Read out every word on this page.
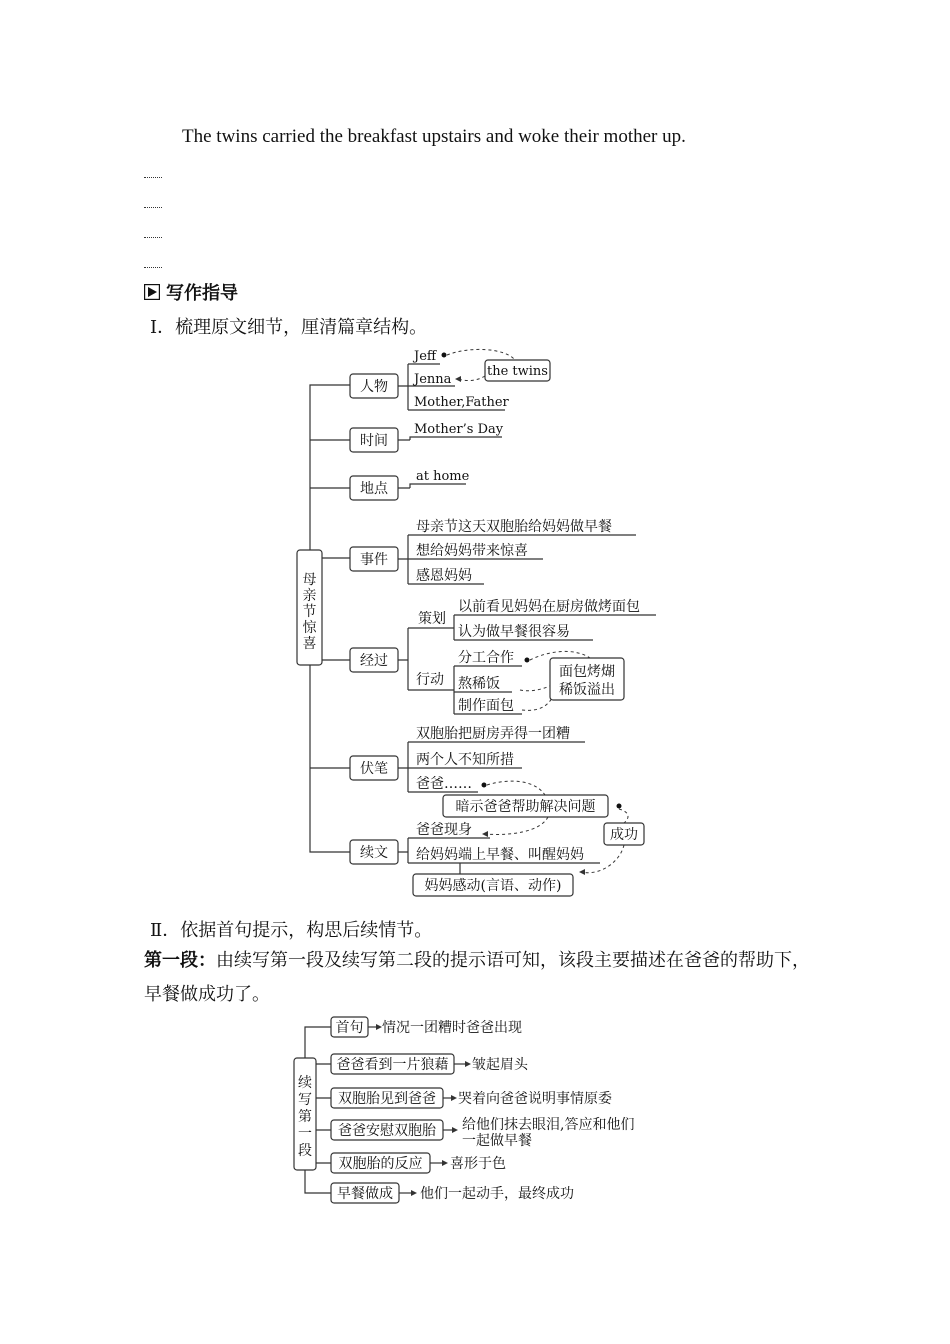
The twins carried the breakfast upstairs and woke their mother up.
写作指导
Ⅰ．梳理原文细节，厘清篇章结构。
母
亲
节
惊
喜
人物
时间
地点
事件
经过
伏笔
续文
Jeff
Jenna
Mother,Father
the twins
Mother’s Day
at home
母亲节这天双胞胎给妈妈做早餐
想给妈妈带来惊喜
感恩妈妈
策划
行动
以前看见妈妈在厨房做烤面包
认为做早餐很容易
分工合作
熬稀饭
制作面包
面包烤煳
稀饭溢出
双胞胎把厨房弄得一团糟
两个人不知所措
爸爸……
暗示爸爸帮助解决问题
爸爸现身
给妈妈端上早餐、叫醒妈妈
成功
妈妈感动(言语、动作)
Ⅱ．依据首句提示，构思后续情节。
第一段：由续写第一段及续写第二段的提示语可知，该段主要描述在爸爸的帮助下，早餐做成功了。
续
写
第
一
段
首句 情况一团糟时爸爸出现
爸爸看到一片狼藉 皱起眉头
双胞胎见到爸爸 哭着向爸爸说明事情原委
爸爸安慰双胞胎 给他们抹去眼泪,答应和他们
一起做早餐
双胞胎的反应 喜形于色
早餐做成 他们一起动手，最终成功
